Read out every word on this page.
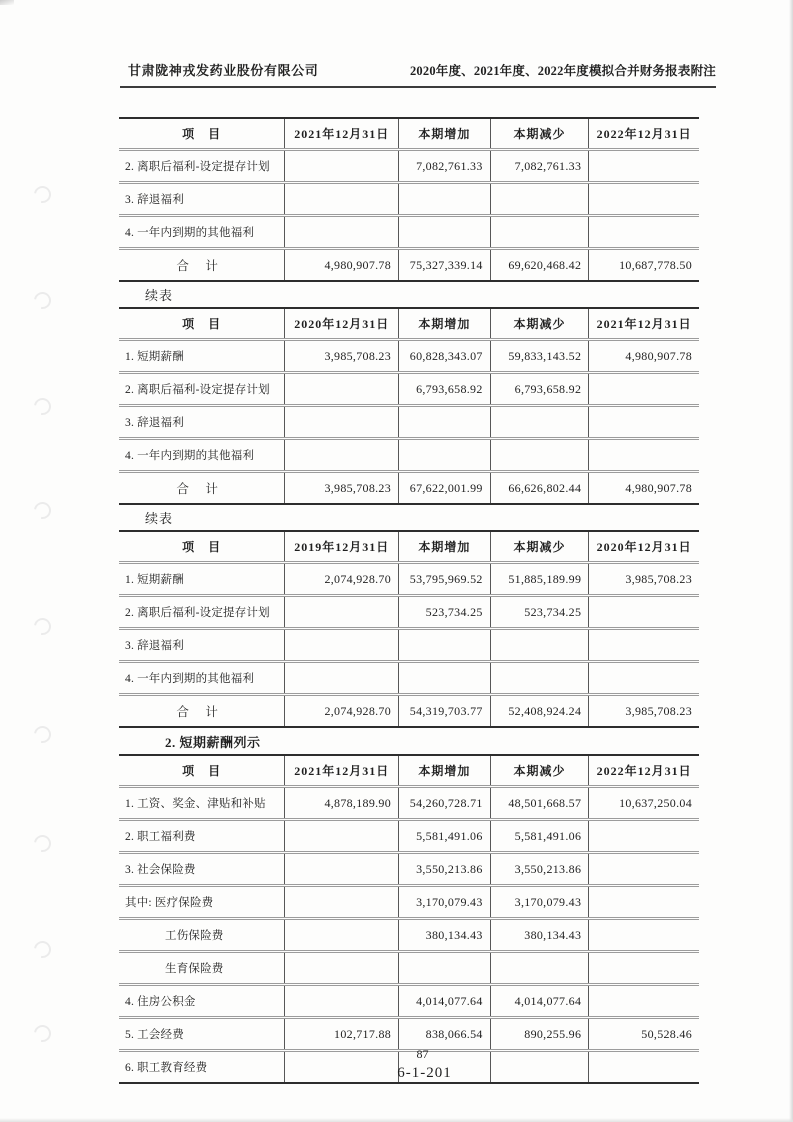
甘肃陇神戎发药业股份有限公司	2020年度、2021年度、2022年度模拟合并财务报表附注
项　目	2021年12月31日	本期增加	本期减少	2022年12月31日
2. 离职后福利-设定提存计划		7,082,761.33	7,082,761.33	
3. 辞退福利				
4. 一年内到期的其他福利				
合　计	4,980,907.78	75,327,339.14	69,620,468.42	10,687,778.50
续表
项　目	2020年12月31日	本期增加	本期减少	2021年12月31日
1. 短期薪酬	3,985,708.23	60,828,343.07	59,833,143.52	4,980,907.78
2. 离职后福利-设定提存计划		6,793,658.92	6,793,658.92	
3. 辞退福利				
4. 一年内到期的其他福利				
合　计	3,985,708.23	67,622,001.99	66,626,802.44	4,980,907.78
续表
项　目	2019年12月31日	本期增加	本期减少	2020年12月31日
1. 短期薪酬	2,074,928.70	53,795,969.52	51,885,189.99	3,985,708.23
2. 离职后福利-设定提存计划		523,734.25	523,734.25	
3. 辞退福利				
4. 一年内到期的其他福利				
合　计	2,074,928.70	54,319,703.77	52,408,924.24	3,985,708.23
2. 短期薪酬列示
项　目	2021年12月31日	本期增加	本期减少	2022年12月31日
1. 工资、奖金、津贴和补贴	4,878,189.90	54,260,728.71	48,501,668.57	10,637,250.04
2. 职工福利费		5,581,491.06	5,581,491.06	
3. 社会保险费		3,550,213.86	3,550,213.86	
其中: 医疗保险费		3,170,079.43	3,170,079.43	
工伤保险费		380,134.43	380,134.43	
生育保险费				
4. 住房公积金		4,014,077.64	4,014,077.64	
5. 工会经费	102,717.88	838,066.54	890,255.96	50,528.46
6. 职工教育经费				
87
6-1-201
